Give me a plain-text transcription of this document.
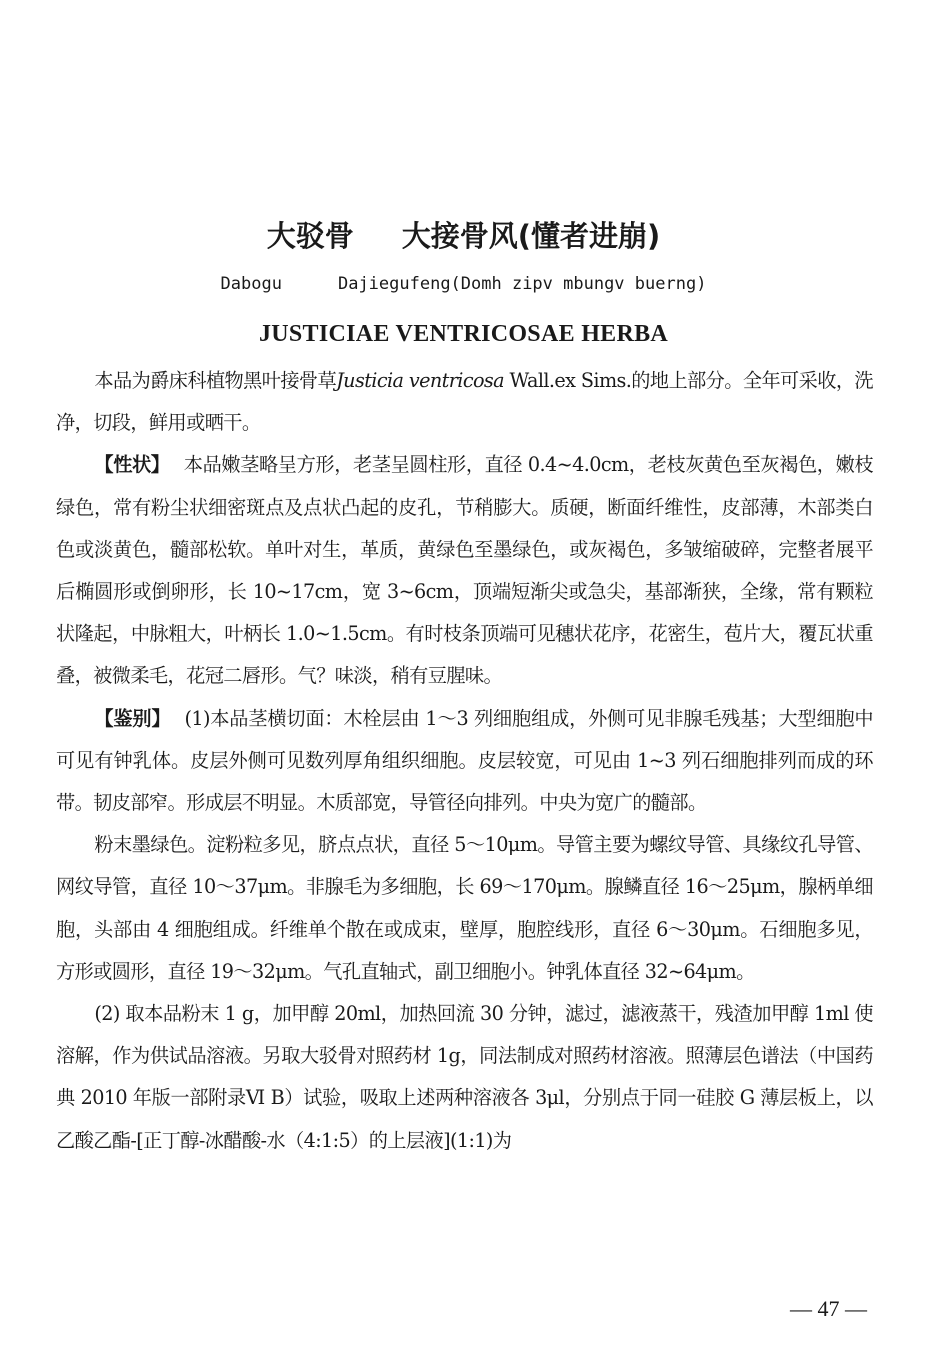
大驳骨 大接骨风(懂者进崩)
Dabogu	Dajiegufeng(Domh zipv mbungv buerng)
JUSTICIAE VENTRICOSAE HERBA

本品为爵床科植物黑叶接骨草Justicia ventricosa Wall.ex Sims.的地上部分。全年可采收，洗净，切段，鲜用或晒干。

【性状】 本品嫩茎略呈方形，老茎呈圆柱形，直径 0.4~4.0cm，老枝灰黄色至灰褐色，嫩枝绿色，常有粉尘状细密斑点及点状凸起的皮孔，节稍膨大。质硬，断面纤维性，皮部薄，木部类白色或淡黄色，髓部松软。单叶对生，革质，黄绿色至墨绿色，或灰褐色，多皱缩破碎，完整者展平后椭圆形或倒卵形，长 10~17cm，宽 3~6cm，顶端短渐尖或急尖，基部渐狭，全缘，常有颗粒状隆起，中脉粗大，叶柄长 1.0~1.5cm。有时枝条顶端可见穗状花序，花密生，苞片大，覆瓦状重叠，被微柔毛，花冠二唇形。气？味淡，稍有豆腥味。

【鉴别】 (1)本品茎横切面：木栓层由 1～3 列细胞组成，外侧可见非腺毛残基；大型细胞中可见有钟乳体。皮层外侧可见数列厚角组织细胞。皮层较宽，可见由 1~3 列石细胞排列而成的环带。韧皮部窄。形成层不明显。木质部宽，导管径向排列。中央为宽广的髓部。

粉末墨绿色。淀粉粒多见，脐点点状，直径 5～10μm。导管主要为螺纹导管、具缘纹孔导管、网纹导管，直径 10～37μm。非腺毛为多细胞，长 69～170μm。腺鳞直径 16～25μm，腺柄单细胞，头部由 4 细胞组成。纤维单个散在或成束，壁厚，胞腔线形，直径 6～30μm。石细胞多见，方形或圆形，直径 19～32μm。气孔直轴式，副卫细胞小。钟乳体直径 32~64μm。

(2) 取本品粉末 1 g，加甲醇 20ml，加热回流 30 分钟，滤过，滤液蒸干，残渣加甲醇 1ml 使溶解，作为供试品溶液。另取大驳骨对照药材 1g，同法制成对照药材溶液。照薄层色谱法（中国药典 2010 年版一部附录Ⅵ B）试验，吸取上述两种溶液各 3μl，分别点于同一硅胶 G 薄层板上，以乙酸乙酯-[正丁醇-冰醋酸-水（4:1:5）的上层液](1:1)为

— 47 —
